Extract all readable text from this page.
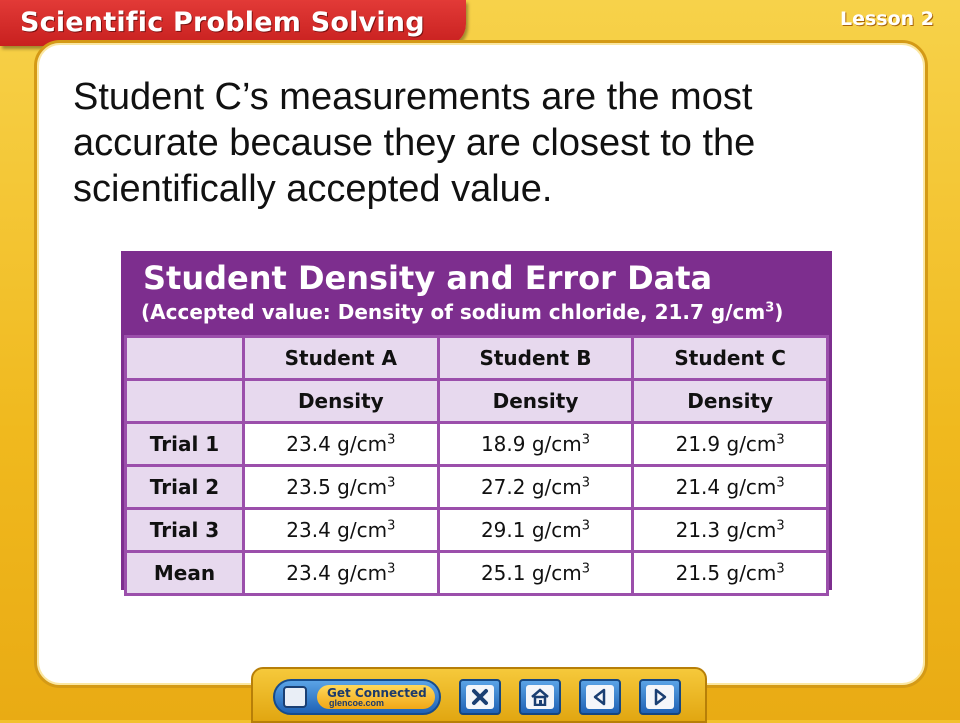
Scientific Problem Solving	Lesson 2
Student C’s measurements are the most accurate because they are closest to the scientifically accepted value.
Student Density and Error Data
(Accepted value: Density of sodium chloride, 21.7 $g/cm^3$)
	Student A	Student B	Student C
	Density	Density	Density
Trial 1	23.4 $g/cm^3$	18.9 $g/cm^3$	21.9 $g/cm^3$
Trial 2	23.5 $g/cm^3$	27.2 $g/cm^3$	21.4 $g/cm^3$
Trial 3	23.4 $g/cm^3$	29.1 $g/cm^3$	21.3 $g/cm^3$
Mean	23.4 $g/cm^3$	25.1 $g/cm^3$	21.5 $g/cm^3$
Get Connected
glencoe.com
